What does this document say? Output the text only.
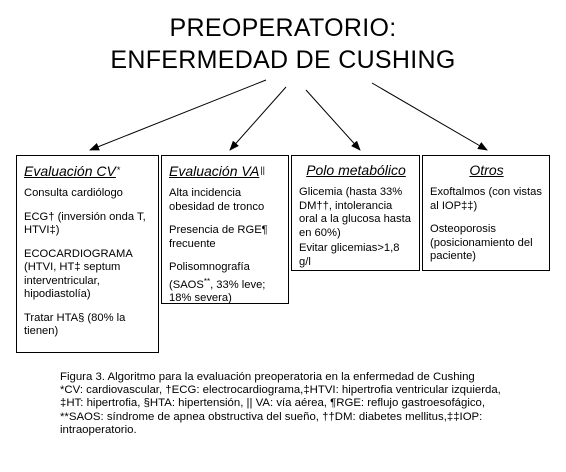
PREOPERATORIO:
ENFERMEDAD DE CUSHING
Evaluación CV*
Consulta cardiólogo
ECG† (inversión onda T, HTVI‡)
ECOCARDIOGRAMA (HTVI, HT‡ septum interventricular, hipodiastolía)
Tratar HTA§ (80% la tienen)
Evaluación VA||
Alta incidencia obesidad de tronco
Presencia de RGE¶ frecuente
Polisomnografía (SAOS**, 33% leve; 18% severa)
Polo metabólico
Glicemia (hasta 33% DM††, intolerancia oral a la glucosa hasta en 60%)
Evitar glicemias>1,8 g/l
Otros
Exoftalmos (con vistas al IOP‡‡)
Osteoporosis (posicionamiento del paciente)
Figura 3. Algoritmo para la evaluación preoperatoria en la enfermedad de Cushing
*CV: cardiovascular, †ECG: electrocardiograma,‡HTVI: hipertrofia ventricular izquierda,
‡HT: hipertrofia, §HTA: hipertensión, || VA: vía aérea, ¶RGE: reflujo gastroesofágico,
**SAOS: síndrome de apnea obstructiva del sueño, ††DM: diabetes mellitus,‡‡IOP:
intraoperatorio.
